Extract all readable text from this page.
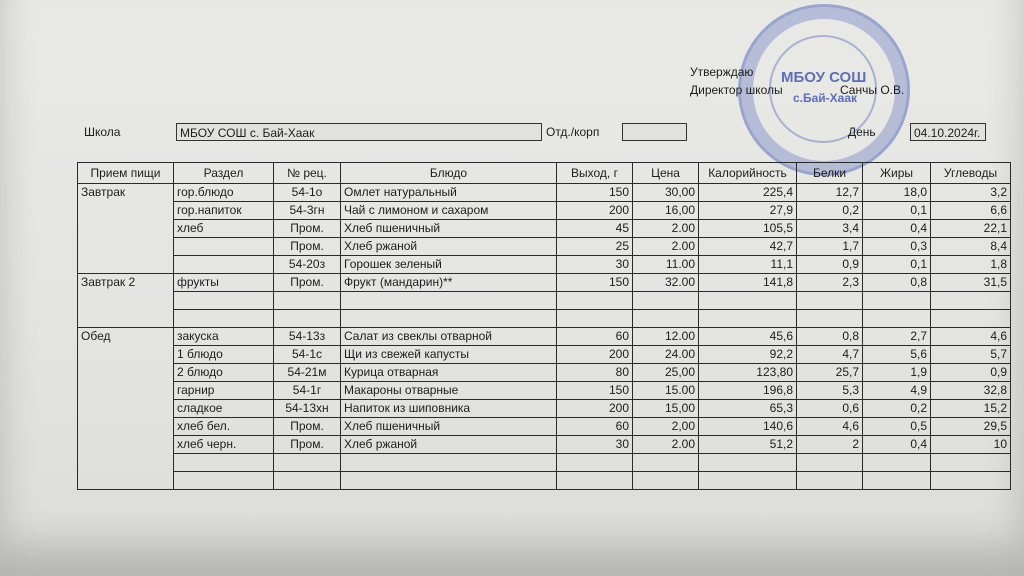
МБОУ СОШ
с.Бай-Хаак
Утверждаю
Директор школы	Санчы О.В.
Школа	МБОУ СОШ с. Бай-Хаак	Отд./корп	День	04.10.2024г.
Прием пищи	Раздел	№ рец.	Блюдо	Выход, г	Цена	Калорийность	Белки	Жиры	Углеводы
Завтрак	гор.блюдо	54-1о	Омлет натуральный	150	30,00	225,4	12,7	18,0	3,2
	гор.напиток	54-3гн	Чай с лимоном и сахаром	200	16,00	27,9	0,2	0,1	6,6
	хлеб	Пром.	Хлеб пшеничный	45	2.00	105,5	3,4	0,4	22,1
		Пром.	Хлеб ржаной	25	2.00	42,7	1,7	0,3	8,4
		54-20з	Горошек зеленый	30	11.00	11,1	0,9	0,1	1,8
Завтрак 2	фрукты	Пром.	Фрукт (мандарин)**	150	32.00	141,8	2,3	0,8	31,5

Обед	закуска	54-13з	Салат из свеклы отварной	60	12.00	45,6	0,8	2,7	4,6
	1 блюдо	54-1с	Щи из свежей капусты	200	24.00	92,2	4,7	5,6	5,7
	2 блюдо	54-21м	Курица отварная	80	25,00	123,80	25,7	1,9	0,9
	гарнир	54-1г	Макароны отварные	150	15.00	196,8	5,3	4,9	32,8
	сладкое	54-13хн	Напиток из шиповника	200	15,00	65,3	0,6	0,2	15,2
	хлеб бел.	Пром.	Хлеб пшеничный	60	2,00	140,6	4,6	0,5	29,5
	хлеб черн.	Пром.	Хлеб ржаной	30	2.00	51,2	2	0,4	10
